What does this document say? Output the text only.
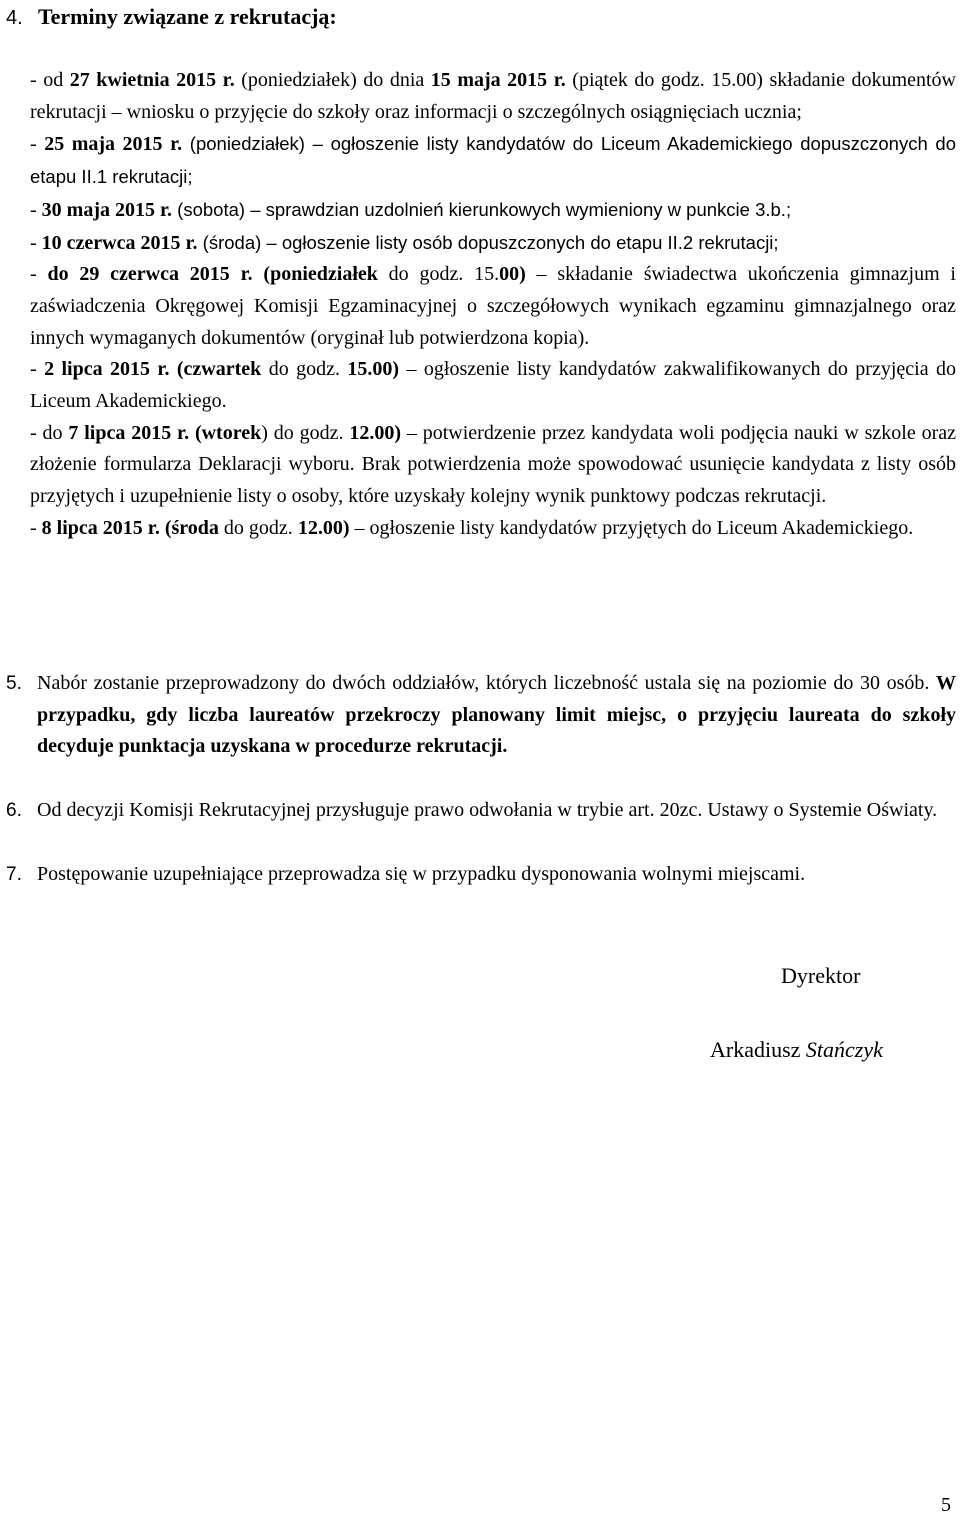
4. Terminy związane z rekrutacją:

- od 27 kwietnia 2015 r. (poniedziałek) do dnia 15 maja 2015 r. (piątek do godz. 15.00) składanie dokumentów rekrutacji – wniosku o przyjęcie do szkoły oraz informacji o szczególnych osiągnięciach ucznia;

- 25 maja 2015 r. (poniedziałek) – ogłoszenie listy kandydatów do Liceum Akademickiego dopuszczonych do etapu II.1 rekrutacji;

- 30 maja 2015 r. (sobota) – sprawdzian uzdolnień kierunkowych wymieniony w punkcie 3.b.;

- 10 czerwca 2015 r. (środa) – ogłoszenie listy osób dopuszczonych do etapu II.2 rekrutacji;

- do 29 czerwca 2015 r. (poniedziałek do godz. 15.00) – składanie świadectwa ukończenia gimnazjum i zaświadczenia Okręgowej Komisji Egzaminacyjnej o szczegółowych wynikach egzaminu gimnazjalnego oraz innych wymaganych dokumentów (oryginał lub potwierdzona kopia).

- 2 lipca 2015 r. (czwartek do godz. 15.00) – ogłoszenie listy kandydatów zakwalifikowanych do przyjęcia do Liceum Akademickiego.

- do 7 lipca 2015 r. (wtorek) do godz. 12.00) – potwierdzenie przez kandydata woli podjęcia nauki w szkole oraz złożenie formularza Deklaracji wyboru. Brak potwierdzenia może spowodować usunięcie kandydata z listy osób przyjętych i uzupełnienie listy o osoby, które uzyskały kolejny wynik punktowy podczas rekrutacji.

- 8 lipca 2015 r. (środa do godz. 12.00) – ogłoszenie listy kandydatów przyjętych do Liceum Akademickiego.

5. Nabór zostanie przeprowadzony do dwóch oddziałów, których liczebność ustala się na poziomie do 30 osób. W przypadku, gdy liczba laureatów przekroczy planowany limit miejsc, o przyjęciu laureata do szkoły decyduje punktacja uzyskana w procedurze rekrutacji.
6. Od decyzji Komisji Rekrutacyjnej przysługuje prawo odwołania w trybie art. 20zc. Ustawy o Systemie Oświaty.
7. Postępowanie uzupełniające przeprowadza się w przypadku dysponowania wolnymi miejscami.
Dyrektor
Arkadiusz Stańczyk
5
